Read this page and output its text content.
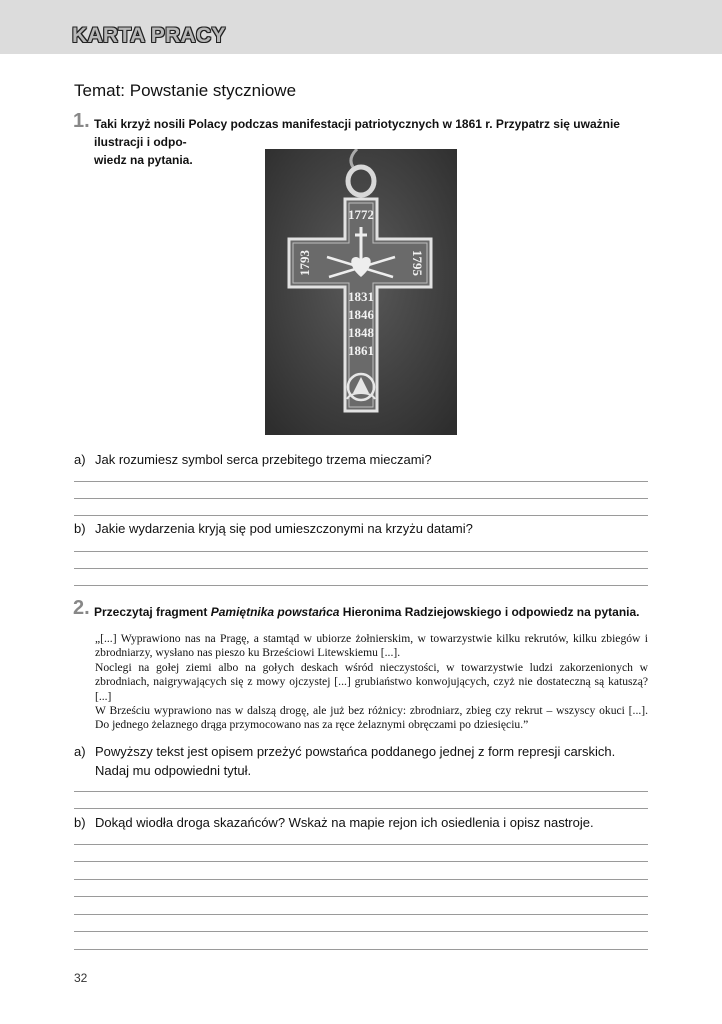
KARTA PRACY
Temat: Powstanie styczniowe
1. Taki krzyż nosili Polacy podczas manifestacji patriotycznych w 1861 r. Przypatrz się uważnie ilustracji i odpo-
wiedz na pytania.
1772
1793	1795
1831
1846
1848
1861
a) Jak rozumiesz symbol serca przebitego trzema mieczami?
b) Jakie wydarzenia kryją się pod umieszczonymi na krzyżu datami?
2. Przeczytaj fragment Pamiętnika powstańca Hieronima Radziejowskiego i odpowiedz na pytania.

„[...] Wyprawiono nas na Pragę, a stamtąd w ubiorze żołnierskim, w towarzystwie kilku rekrutów, kilku zbiegów i zbrodniarzy, wysłano nas pieszo ku Brześciowi Litewskiemu [...].

Noclegi na gołej ziemi albo na gołych deskach wśród nieczystości, w towarzystwie ludzi zakorzenionych w zbrodniach, naigrywających się z mowy ojczystej [...] grubiaństwo konwojujących, czyż nie dostateczną są katuszą? [...]

W Brześciu wyprawiono nas w dalszą drogę, ale już bez różnicy: zbrodniarz, zbieg czy rekrut – wszyscy okuci [...]. Do jednego żelaznego drąga przymocowano nas za ręce żelaznymi obręczami po dziesięciu.”

a) Powyższy tekst jest opisem przeżyć powstańca poddanego jednej z form represji carskich. Nadaj mu odpowiedni tytuł.
b) Dokąd wiodła droga skazańców? Wskaż na mapie rejon ich osiedlenia i opisz nastroje.
32
